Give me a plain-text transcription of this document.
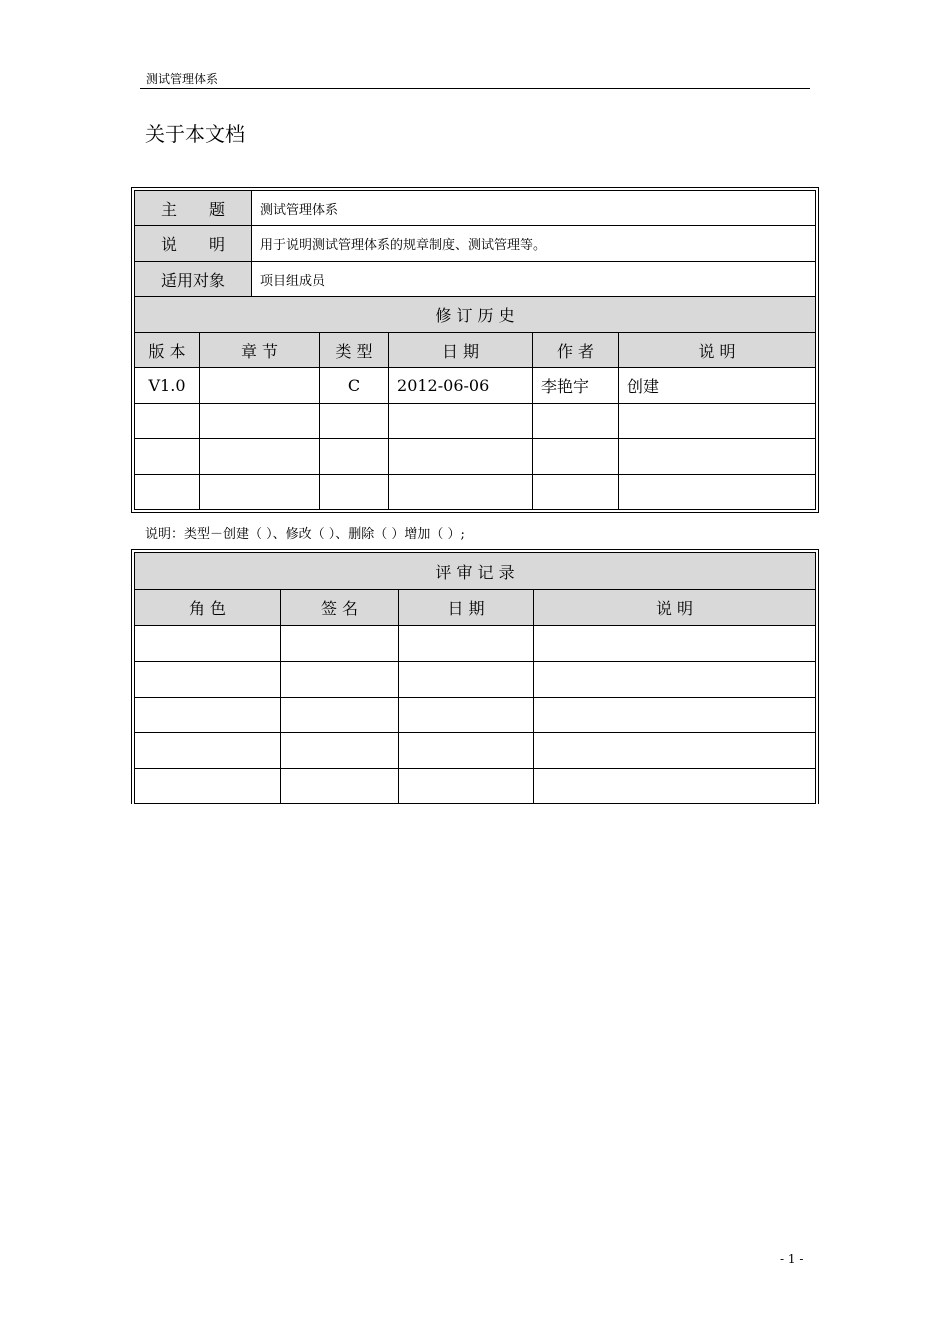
测试管理体系
关于本文档
主　　题		测试管理体系				
说　　明		用于说明测试管理体系的规章制度、测试管理等。				
适用对象		项目组成员				
修 订 历 史						
版 本	章 节		类 型	日 期	作 者	说 明
V1.0			C	2012-06-06	李艳宇	创建

说明：类型－创建（ ）、修改（ ）、删除（ ）增加（ ）;
评 审 记 录			
角 色	签 名	日 期	说 明

- 1 -
